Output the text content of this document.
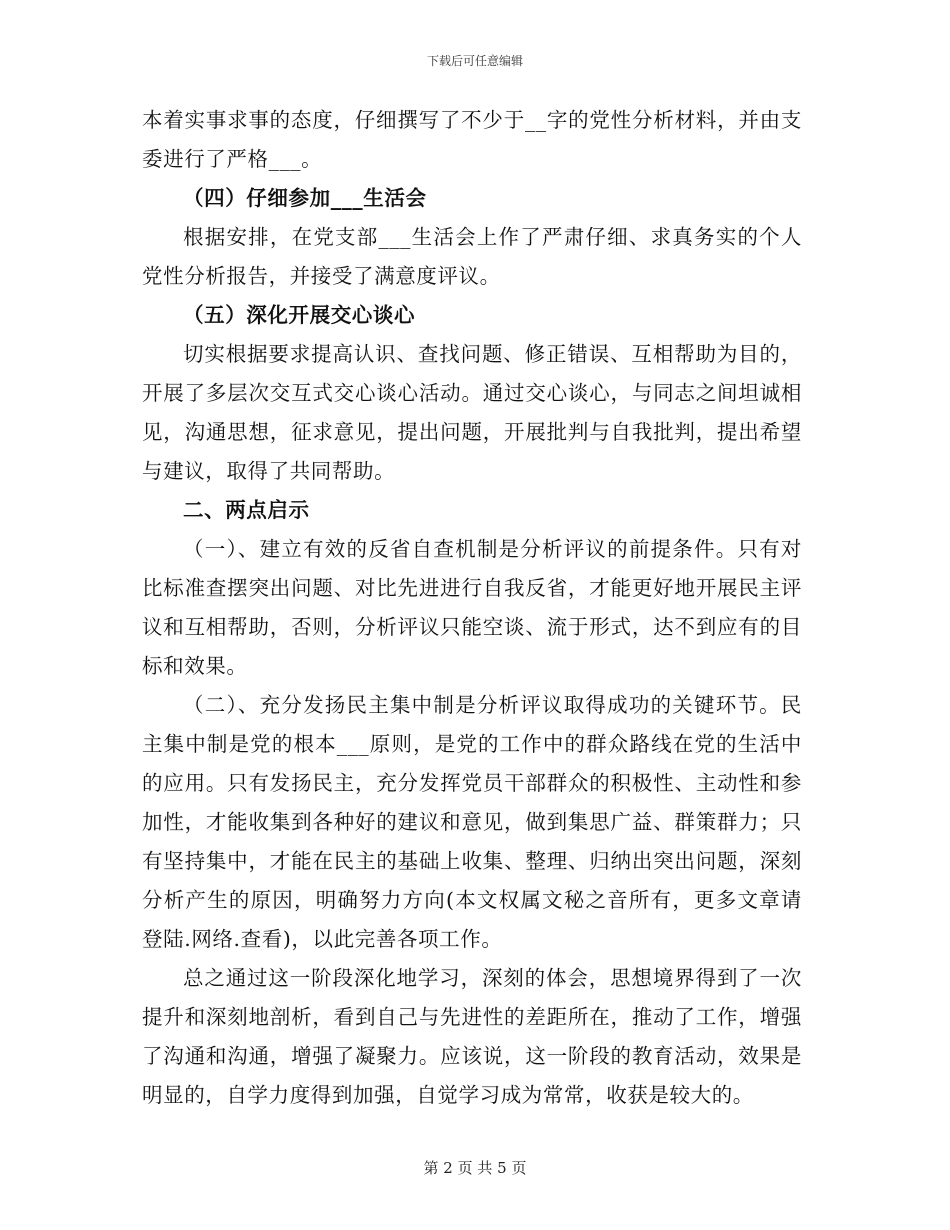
下载后可任意编辑

本着实事求事的态度，仔细撰写了不少于__字的党性分析材料，并由支委进行了严格___。

（四）仔细参加___生活会

根据安排，在党支部___生活会上作了严肃仔细、求真务实的个人党性分析报告，并接受了满意度评议。

（五）深化开展交心谈心

切实根据要求提高认识、查找问题、修正错误、互相帮助为目的，开展了多层次交互式交心谈心活动。通过交心谈心，与同志之间坦诚相见，沟通思想，征求意见，提出问题，开展批判与自我批判，提出希望与建议，取得了共同帮助。

二、两点启示

（一）、建立有效的反省自查机制是分析评议的前提条件。只有对比标准查摆突出问题、对比先进进行自我反省，才能更好地开展民主评议和互相帮助，否则，分析评议只能空谈、流于形式，达不到应有的目标和效果。

（二）、充分发扬民主集中制是分析评议取得成功的关键环节。民主集中制是党的根本___原则，是党的工作中的群众路线在党的生活中的应用。只有发扬民主，充分发挥党员干部群众的积极性、主动性和参加性，才能收集到各种好的建议和意见，做到集思广益、群策群力；只有坚持集中，才能在民主的基础上收集、整理、归纳出突出问题，深刻分析产生的原因，明确努力方向(本文权属文秘之音所有，更多文章请登陆.网络.查看)，以此完善各项工作。

总之通过这一阶段深化地学习，深刻的体会，思想境界得到了一次提升和深刻地剖析，看到自己与先进性的差距所在，推动了工作，增强了沟通和沟通，增强了凝聚力。应该说，这一阶段的教育活动，效果是明显的，自学力度得到加强，自觉学习成为常常，收获是较大的。

第 2 页 共 5 页
